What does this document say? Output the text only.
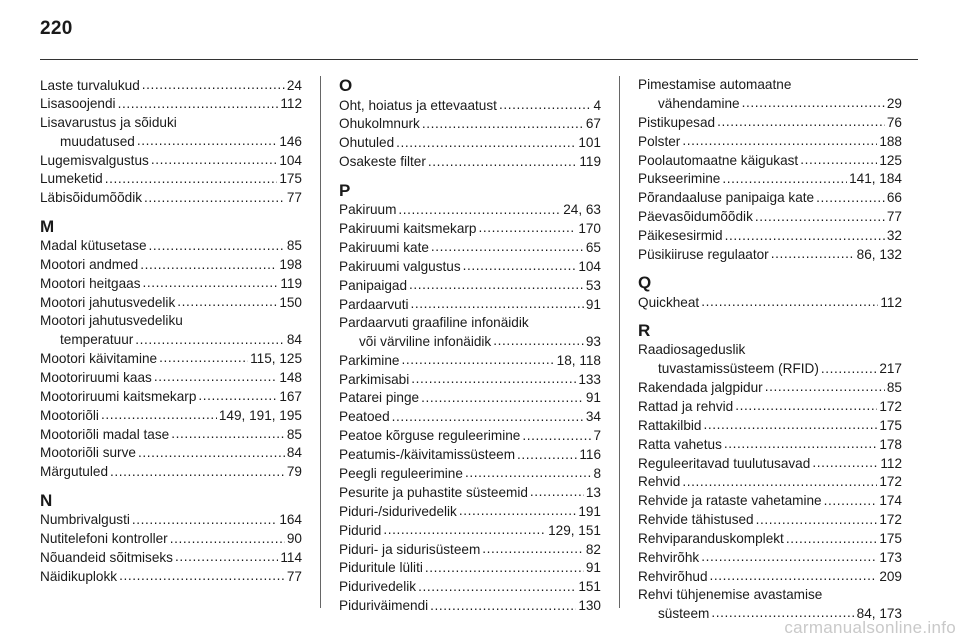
220
Laste turvalukud .....	24
Lisasoojendi .....	112
Lisavarustus ja sõiduki
muudatused .....	146
Lugemisvalgustus .....	104
Lumeketid .....	175
Läbisõidumõõdik .....	77
M
Madal kütusetase .....	85
Mootori andmed .....	198
Mootori heitgaas .....	119
Mootori jahutusvedelik .....	150
Mootori jahutusvedeliku
temperatuur .....	84
Mootori käivitamine .....	115, 125
Mootoriruumi kaas .....	148
Mootoriruumi kaitsmekarp .....	167
Mootoriõli .....	149, 191, 195
Mootoriõli madal tase .....	85
Mootoriõli surve .....	84
Märgutuled .....	79
N
Numbrivalgusti .....	164
Nutitelefoni kontroller .....	90
Nõuandeid sõitmiseks .....	114
Näidikuplokk .....	77
O
Oht, hoiatus ja ettevaatust .....	4
Ohukolmnurk .....	67
Ohutuled .....	101
Osakeste filter .....	119
P
Pakiruum .....	24, 63
Pakiruumi kaitsmekarp .....	170
Pakiruumi kate .....	65
Pakiruumi valgustus .....	104
Panipaigad .....	53
Pardaarvuti .....	91
Pardaarvuti graafiline infonäidik
või värviline infonäidik .....	93
Parkimine .....	18, 118
Parkimisabi .....	133
Patarei pinge .....	91
Peatoed .....	34
Peatoe kõrguse reguleerimine .....	7
Peatumis-/käivitamissüsteem .....	116
Peegli reguleerimine .....	8
Pesurite ja puhastite süsteemid .....	13
Piduri-/sidurivedelik .....	191
Pidurid .....	129, 151
Piduri- ja sidurisüsteem .....	82
Piduritule lüliti .....	91
Pidurivedelik .....	151
Piduriväimendi .....	130
Pimestamise automaatne
vähendamine .....	29
Pistikupesad .....	76
Polster .....	188
Poolautomaatne käigukast .....	125
Pukseerimine .....	141, 184
Põrandaaluse panipaiga kate .....	66
Päevasõidumõõdik .....	77
Päikesesirmid .....	32
Püsikiiruse regulaator .....	86, 132
Q
Quickheat .....	112
R
Raadiosageduslik
tuvastamissüsteem (RFID) .....	217
Rakendada jalgpidur .....	85
Rattad ja rehvid .....	172
Rattakilbid .....	175
Ratta vahetus .....	178
Reguleeritavad tuulutusavad .....	112
Rehvid .....	172
Rehvide ja rataste vahetamine .....	174
Rehvide tähistused .....	172
Rehviparanduskomplekt .....	175
Rehvirõhk .....	173
Rehvirõhud .....	209
Rehvi tühjenemise avastamise
süsteem .....	84, 173
carmanualsonline.info
